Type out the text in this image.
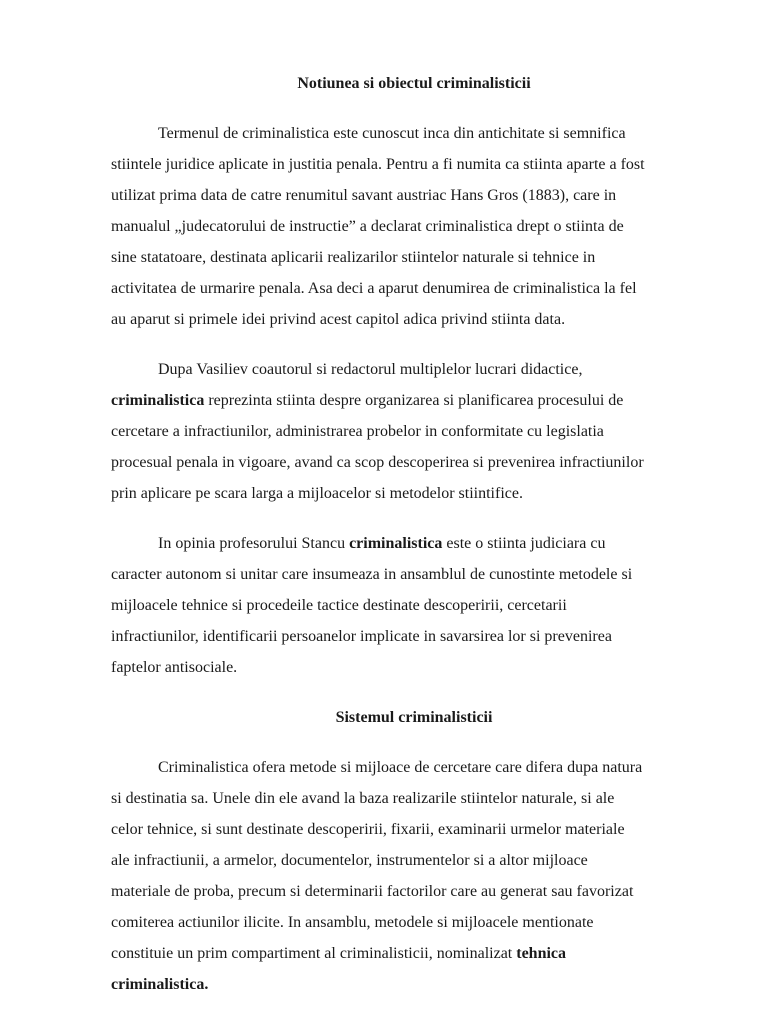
Notiunea si obiectul criminalisticii
Termenul de criminalistica este cunoscut inca din antichitate si semnifica
stiintele juridice aplicate in justitia penala. Pentru a fi numita ca stiinta aparte a fost
utilizat prima data de catre renumitul savant austriac Hans Gros (1883), care in
manualul „judecatorului de instructie” a declarat criminalistica drept o stiinta de
sine statatoare, destinata aplicarii realizarilor stiintelor naturale si tehnice in
activitatea de urmarire penala. Asa deci a aparut denumirea de criminalistica la fel
au aparut si primele idei privind acest capitol adica privind stiinta data.
Dupa Vasiliev coautorul si redactorul multiplelor lucrari didactice,
criminalistica reprezinta stiinta despre organizarea si planificarea procesului de
cercetare a infractiunilor, administrarea probelor in conformitate cu legislatia
procesual penala in vigoare, avand ca scop descoperirea si prevenirea infractiunilor
prin aplicare pe scara larga a mijloacelor si metodelor stiintifice.
In opinia profesorului Stancu criminalistica este o stiinta judiciara cu
caracter autonom si unitar care insumeaza in ansamblul de cunostinte metodele si
mijloacele tehnice si procedeile tactice destinate descoperirii, cercetarii
infractiunilor, identificarii persoanelor implicate in savarsirea lor si prevenirea
faptelor antisociale.
Sistemul criminalisticii
Criminalistica ofera metode si mijloace de cercetare care difera dupa natura
si destinatia sa. Unele din ele avand la baza realizarile stiintelor naturale, si ale
celor tehnice, si sunt destinate descoperirii, fixarii, examinarii urmelor materiale
ale infractiunii, a armelor, documentelor, instrumentelor si a altor mijloace
materiale de proba, precum si determinarii factorilor care au generat sau favorizat
comiterea actiunilor ilicite. In ansamblu, metodele si mijloacele mentionate
constituie un prim compartiment al criminalisticii, nominalizat tehnica
criminalistica.
